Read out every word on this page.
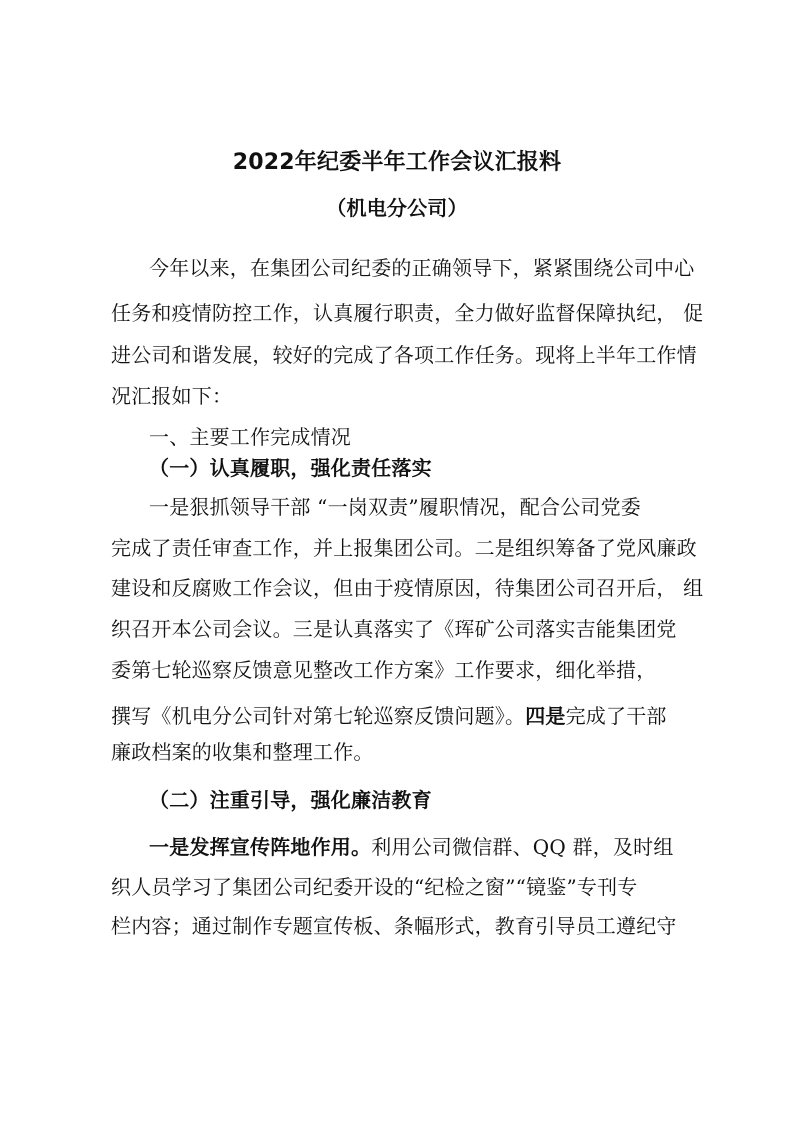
2022年纪委半年工作会议汇报料
（机电分公司）
今年以来，在集团公司纪委的正确领导下，紧紧围绕公司中心
任务和疫情防控工作，认真履行职责，全力做好监督保障执纪， 促
进公司和谐发展，较好的完成了各项工作任务。现将上半年工作情
况汇报如下：
一、主要工作完成情况
（一）认真履职，强化责任落实
一是狠抓领导干部 “一岗双责”履职情况，配合公司党委
完成了责任审查工作，并上报集团公司。二是组织筹备了党风廉政
建设和反腐败工作会议，但由于疫情原因，待集团公司召开后， 组
织召开本公司会议。三是认真落实了《珲矿公司落实吉能集团党
委第七轮巡察反馈意见整改工作方案》工作要求，细化举措，
撰写《机电分公司针对第七轮巡察反馈问题》。四是完成了干部
廉政档案的收集和整理工作。
（二）注重引导，强化廉洁教育
一是发挥宣传阵地作用。利用公司微信群、QQ 群，及时组
织人员学习了集团公司纪委开设的“纪检之窗”“镜鉴”专刊专
栏内容；通过制作专题宣传板、条幅形式，教育引导员工遵纪守
